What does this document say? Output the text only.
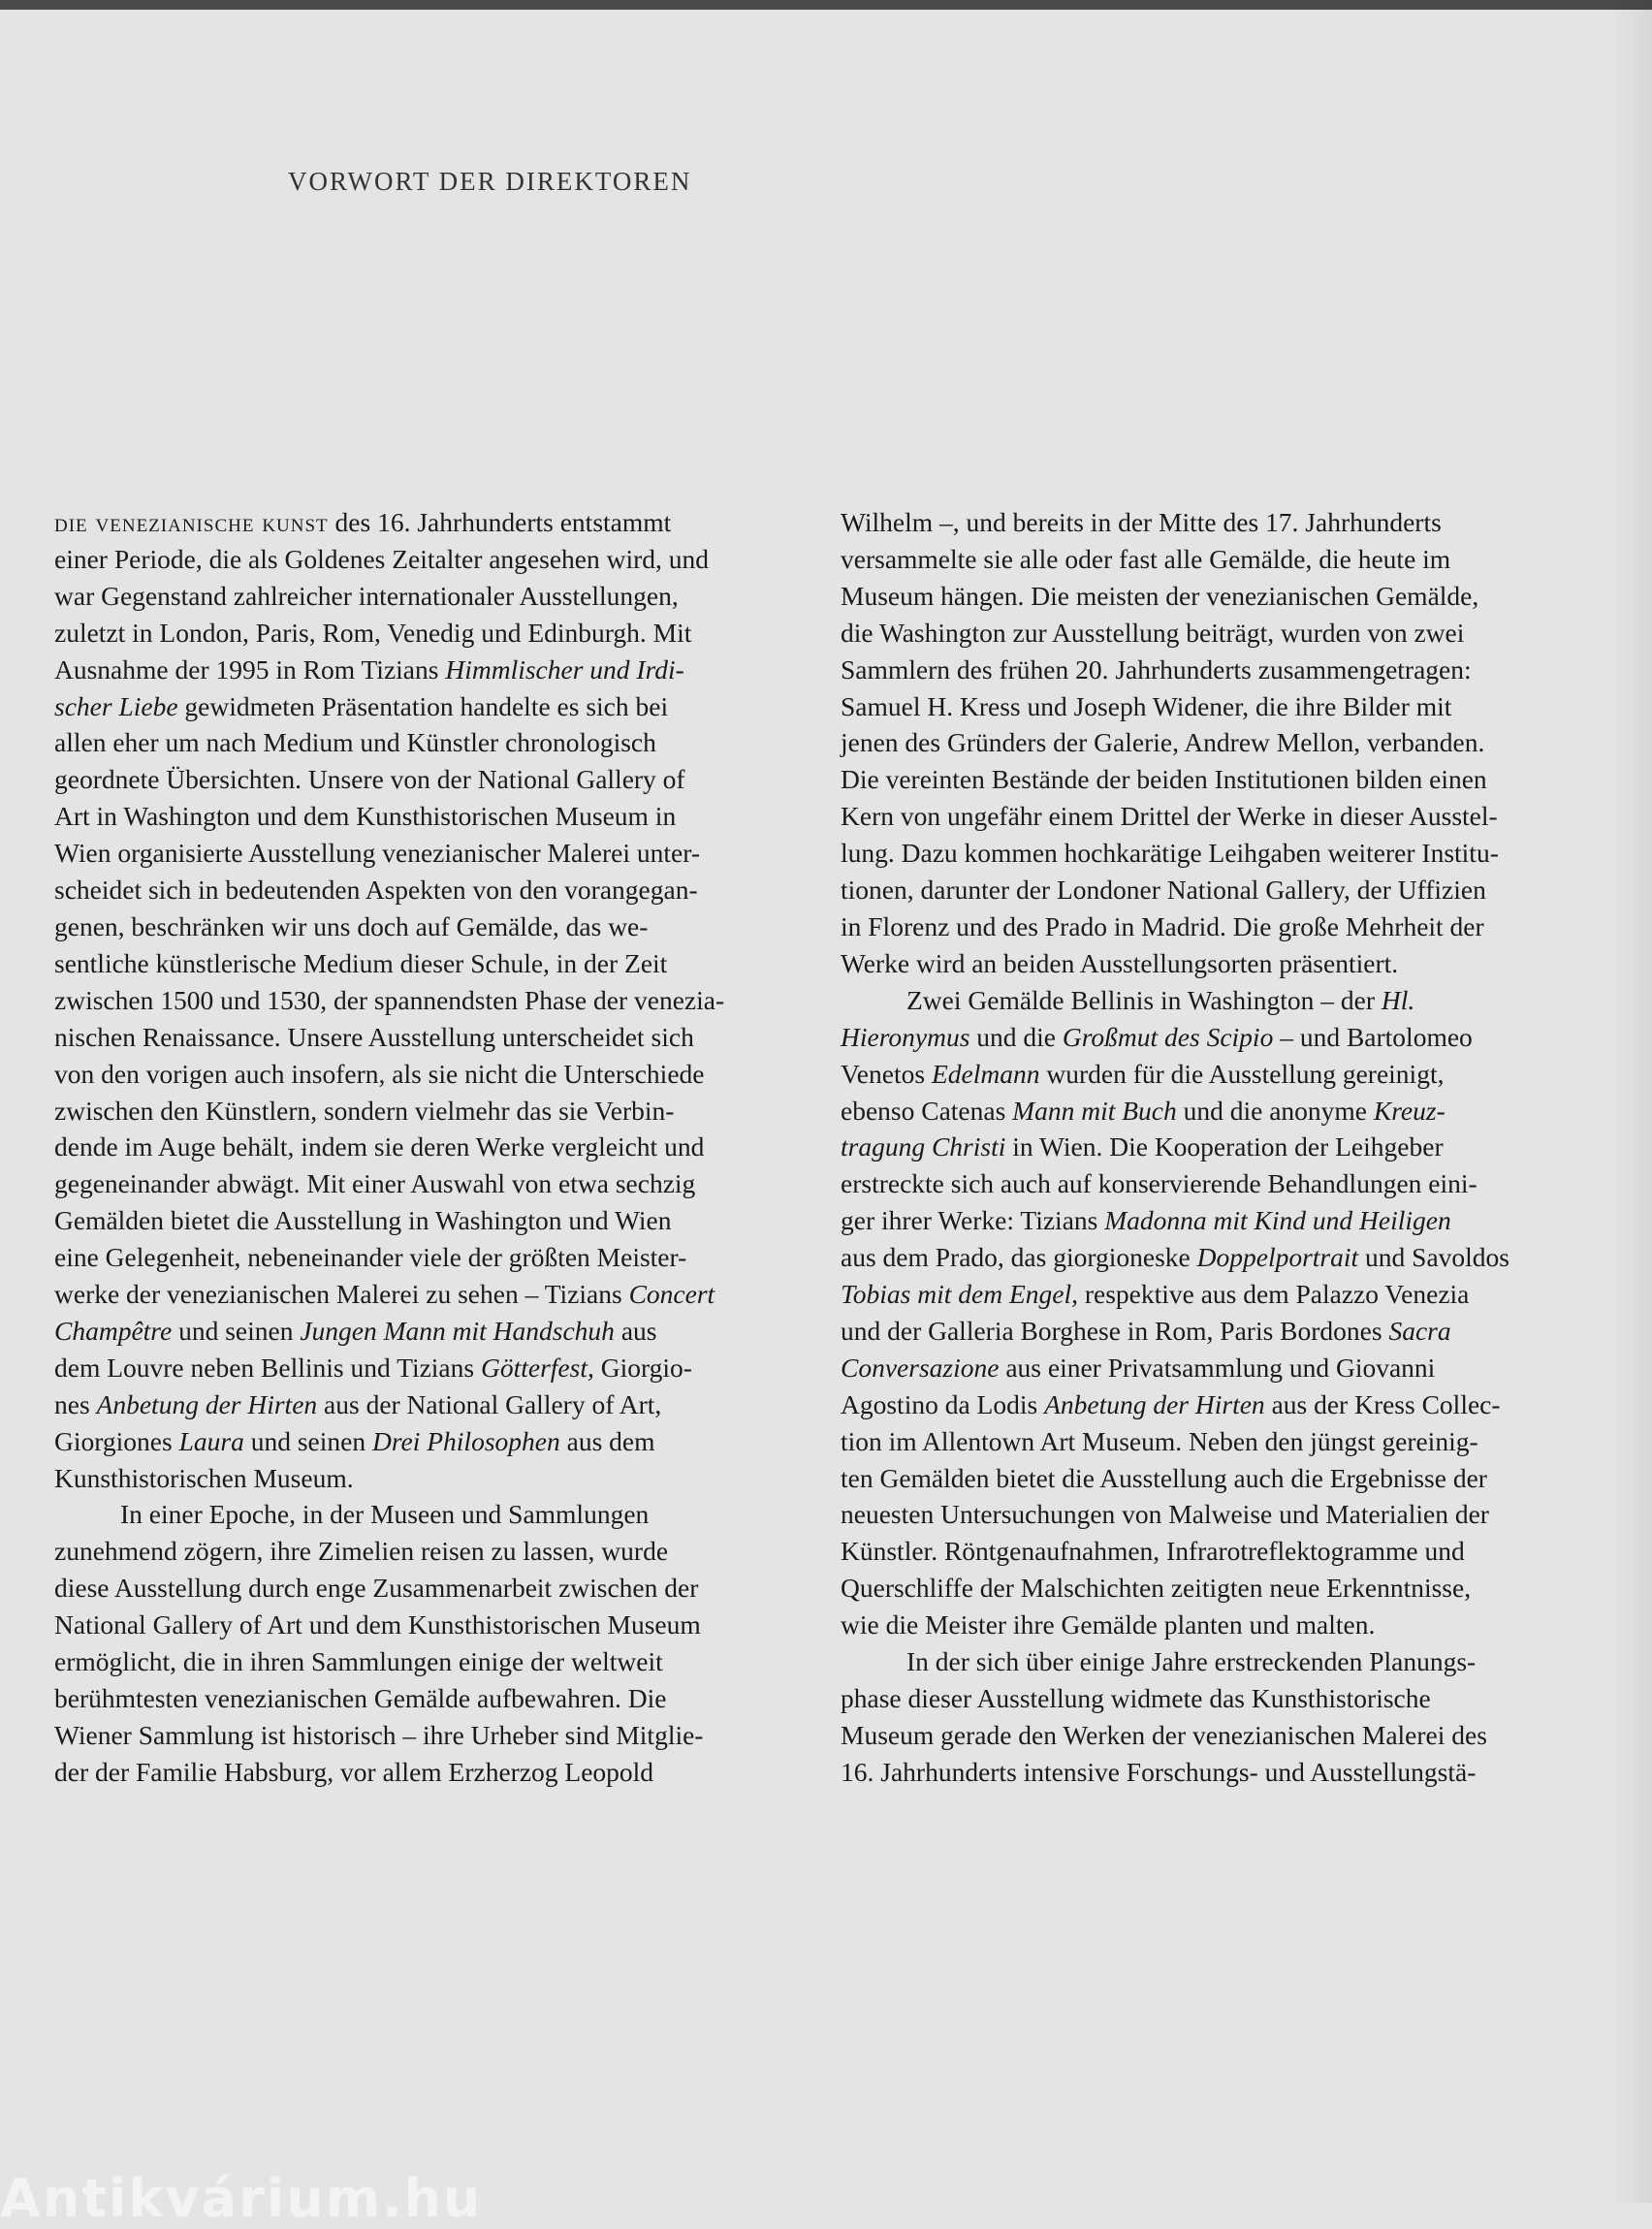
VORWORT DER DIREKTOREN

die venezianische kunst des 16. Jahrhunderts entstammt
einer Periode, die als Goldenes Zeitalter angesehen wird, und
war Gegenstand zahlreicher internationaler Ausstellungen,
zuletzt in London, Paris, Rom, Venedig und Edinburgh. Mit
Ausnahme der 1995 in Rom Tizians Himmlischer und Irdi-
scher Liebe gewidmeten Präsentation handelte es sich bei
allen eher um nach Medium und Künstler chronologisch
geordnete Übersichten. Unsere von der National Gallery of
Art in Washington und dem Kunsthistorischen Museum in
Wien organisierte Ausstellung venezianischer Malerei unter-
scheidet sich in bedeutenden Aspekten von den vorangegan-
genen, beschränken wir uns doch auf Gemälde, das we-
sentliche künstlerische Medium dieser Schule, in der Zeit
zwischen 1500 und 1530, der spannendsten Phase der venezia-
nischen Renaissance. Unsere Ausstellung unterscheidet sich
von den vorigen auch insofern, als sie nicht die Unterschiede
zwischen den Künstlern, sondern vielmehr das sie Verbin-
dende im Auge behält, indem sie deren Werke vergleicht und
gegeneinander abwägt. Mit einer Auswahl von etwa sechzig
Gemälden bietet die Ausstellung in Washington und Wien
eine Gelegenheit, nebeneinander viele der größten Meister-
werke der venezianischen Malerei zu sehen – Tizians Concert
Champêtre und seinen Jungen Mann mit Handschuh aus
dem Louvre neben Bellinis und Tizians Götterfest, Giorgio-
nes Anbetung der Hirten aus der National Gallery of Art,
Giorgiones Laura und seinen Drei Philosophen aus dem
Kunsthistorischen Museum.

In einer Epoche, in der Museen und Sammlungen
zunehmend zögern, ihre Zimelien reisen zu lassen, wurde
diese Ausstellung durch enge Zusammenarbeit zwischen der
National Gallery of Art und dem Kunsthistorischen Museum
ermöglicht, die in ihren Sammlungen einige der weltweit
berühmtesten venezianischen Gemälde aufbewahren. Die
Wiener Sammlung ist historisch – ihre Urheber sind Mitglie-
der der Familie Habsburg, vor allem Erzherzog Leopold

Wilhelm –, und bereits in der Mitte des 17. Jahrhunderts
versammelte sie alle oder fast alle Gemälde, die heute im
Museum hängen. Die meisten der venezianischen Gemälde,
die Washington zur Ausstellung beiträgt, wurden von zwei
Sammlern des frühen 20. Jahrhunderts zusammengetragen:
Samuel H. Kress und Joseph Widener, die ihre Bilder mit
jenen des Gründers der Galerie, Andrew Mellon, verbanden.
Die vereinten Bestände der beiden Institutionen bilden einen
Kern von ungefähr einem Drittel der Werke in dieser Ausstel-
lung. Dazu kommen hochkarätige Leihgaben weiterer Institu-
tionen, darunter der Londoner National Gallery, der Uffizien
in Florenz und des Prado in Madrid. Die große Mehrheit der
Werke wird an beiden Ausstellungsorten präsentiert.

Zwei Gemälde Bellinis in Washington – der Hl.
Hieronymus und die Großmut des Scipio – und Bartolomeo
Venetos Edelmann wurden für die Ausstellung gereinigt,
ebenso Catenas Mann mit Buch und die anonyme Kreuz-
tragung Christi in Wien. Die Kooperation der Leihgeber
erstreckte sich auch auf konservierende Behandlungen eini-
ger ihrer Werke: Tizians Madonna mit Kind und Heiligen
aus dem Prado, das giorgioneske Doppelportrait und Savoldos
Tobias mit dem Engel, respektive aus dem Palazzo Venezia
und der Galleria Borghese in Rom, Paris Bordones Sacra
Conversazione aus einer Privatsammlung und Giovanni
Agostino da Lodis Anbetung der Hirten aus der Kress Collec-
tion im Allentown Art Museum. Neben den jüngst gereinig-
ten Gemälden bietet die Ausstellung auch die Ergebnisse der
neuesten Untersuchungen von Malweise und Materialien der
Künstler. Röntgenaufnahmen, Infrarotreflektogramme und
Querschliffe der Malschichten zeitigten neue Erkenntnisse,
wie die Meister ihre Gemälde planten und malten.

In der sich über einige Jahre erstreckenden Planungs-
phase dieser Ausstellung widmete das Kunsthistorische
Museum gerade den Werken der venezianischen Malerei des
16. Jahrhunderts intensive Forschungs- und Ausstellungstä-

Antikvárium.hu
